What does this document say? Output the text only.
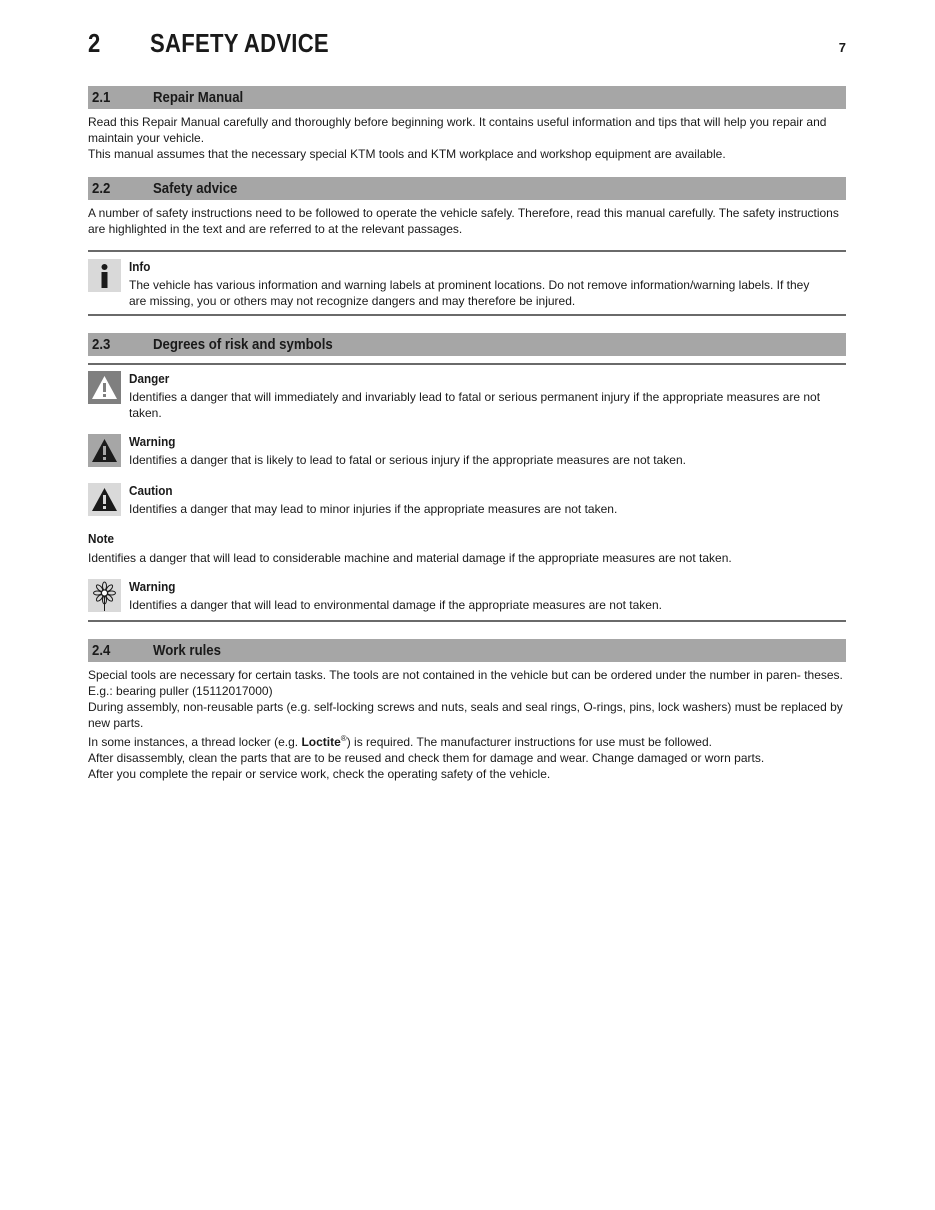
2 SAFETY ADVICE	7
2.1	Repair Manual

Read this Repair Manual carefully and thoroughly before beginning work. It contains useful information and tips that will help you repair and maintain your vehicle.

This manual assumes that the necessary special KTM tools and KTM workplace and workshop equipment are available.

2.2	Safety advice

A number of safety instructions need to be followed to operate the vehicle safely. Therefore, read this manual carefully. The safety instructions are highlighted in the text and are referred to at the relevant passages.

Info
The vehicle has various information and warning labels at prominent locations. Do not remove information/warning labels. If they are missing, you or others may not recognize dangers and may therefore be injured.
2.3	Degrees of risk and symbols
Danger
Identifies a danger that will immediately and invariably lead to fatal or serious permanent injury if the appropriate measures are not taken.
Warning
Identifies a danger that is likely to lead to fatal or serious injury if the appropriate measures are not taken.
Caution
Identifies a danger that may lead to minor injuries if the appropriate measures are not taken.
Note
Identifies a danger that will lead to considerable machine and material damage if the appropriate measures are not taken.
Warning
Identifies a danger that will lead to environmental damage if the appropriate measures are not taken.
2.4	Work rules

Special tools are necessary for certain tasks. The tools are not contained in the vehicle but can be ordered under the number in paren- theses. E.g.: bearing puller (15112017000)

During assembly, non-reusable parts (e.g. self-locking screws and nuts, seals and seal rings, O-rings, pins, lock washers) must be replaced by new parts.

In some instances, a thread locker (e.g. Loctite®) is required. The manufacturer instructions for use must be followed.

After disassembly, clean the parts that are to be reused and check them for damage and wear. Change damaged or worn parts.

After you complete the repair or service work, check the operating safety of the vehicle.
